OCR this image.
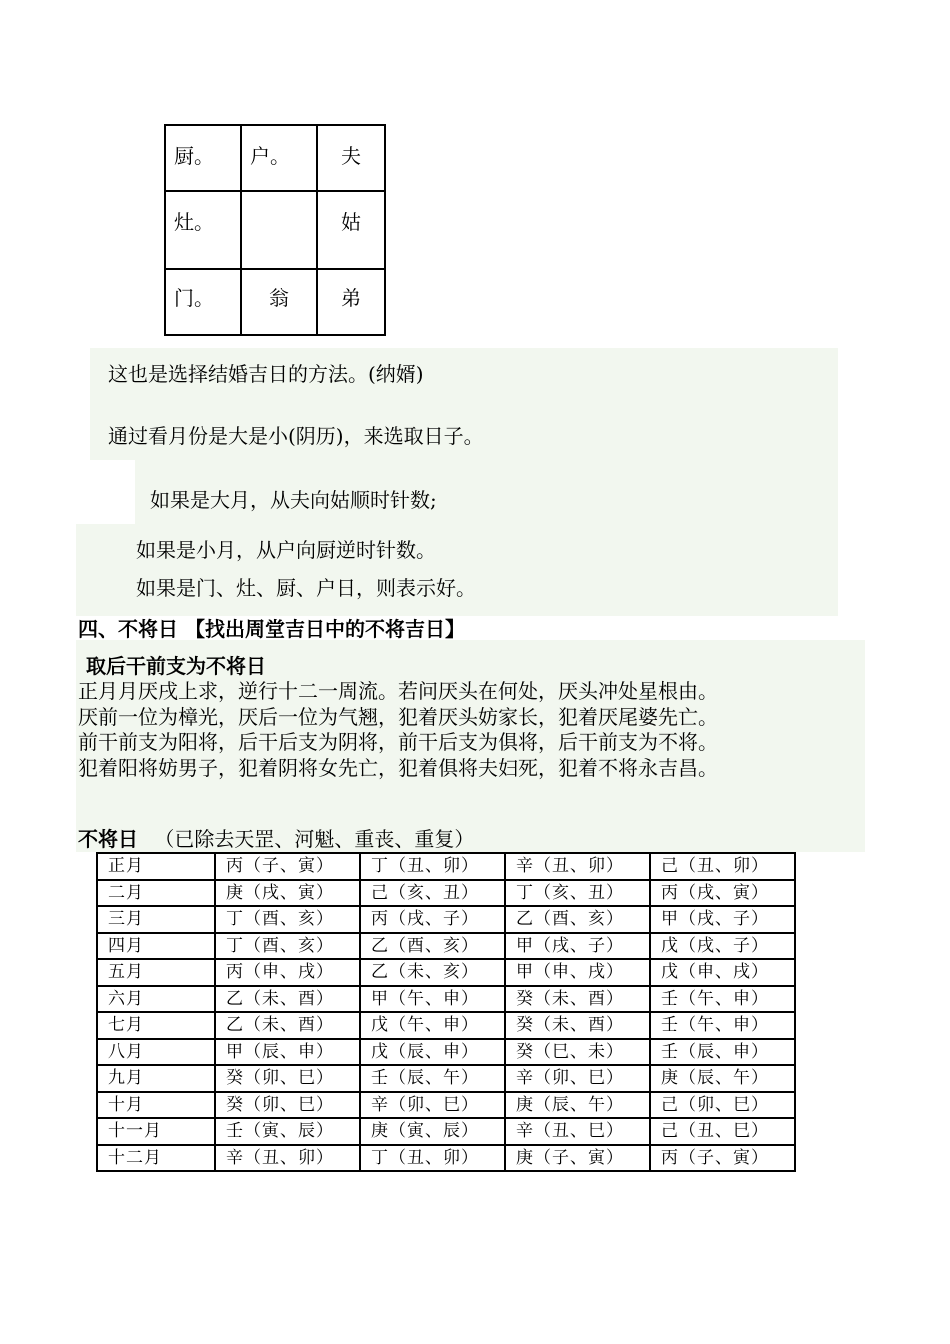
厨。	户。	夫

灶。		姑

门。	翁	弟
这也是选择结婚吉日的方法。(纳婿)
通过看月份是大是小(阴历)，来选取日子。
如果是大月，从夫向姑顺时针数;
如果是小月，从户向厨逆时针数。
如果是门、灶、厨、户日，则表示好。
四、不将日 【找出周堂吉日中的不将吉日】
取后干前支为不将日
正月月厌戌上求，逆行十二一周流。若问厌头在何处，厌头冲处星根由。
厌前一位为樟光，厌后一位为气翘，犯着厌头妨家长，犯着厌尾婆先亡。
前干前支为阳将，后干后支为阴将，前干后支为俱将，后干前支为不将。
犯着阳将妨男子，犯着阴将女先亡，犯着俱将夫妇死，犯着不将永吉昌。
不将日 （已除去天罡、河魁、重丧、重复）
正月	丙（子、寅）	丁（丑、卯）	辛（丑、卯）	己（丑、卯）
二月	庚（戌、寅）	己（亥、丑）	丁（亥、丑）	丙（戌、寅）
三月	丁（酉、亥）	丙（戌、子）	乙（酉、亥）	甲（戌、子）
四月	丁（酉、亥）	乙（酉、亥）	甲（戌、子）	戊（戌、子）
五月	丙（申、戌）	乙（未、亥）	甲（申、戌）	戊（申、戌）
六月	乙（未、酉）	甲（午、申）	癸（未、酉）	壬（午、申）
七月	乙（未、酉）	戊（午、申）	癸（未、酉）	壬（午、申）
八月	甲（辰、申）	戊（辰、申）	癸（巳、未）	壬（辰、申）
九月	癸（卯、巳）	壬（辰、午）	辛（卯、巳）	庚（辰、午）
十月	癸（卯、巳）	辛（卯、巳）	庚（辰、午）	己（卯、巳）
十一月	壬（寅、辰）	庚（寅、辰）	辛（丑、巳）	己（丑、巳）
十二月	辛（丑、卯）	丁（丑、卯）	庚（子、寅）	丙（子、寅）
